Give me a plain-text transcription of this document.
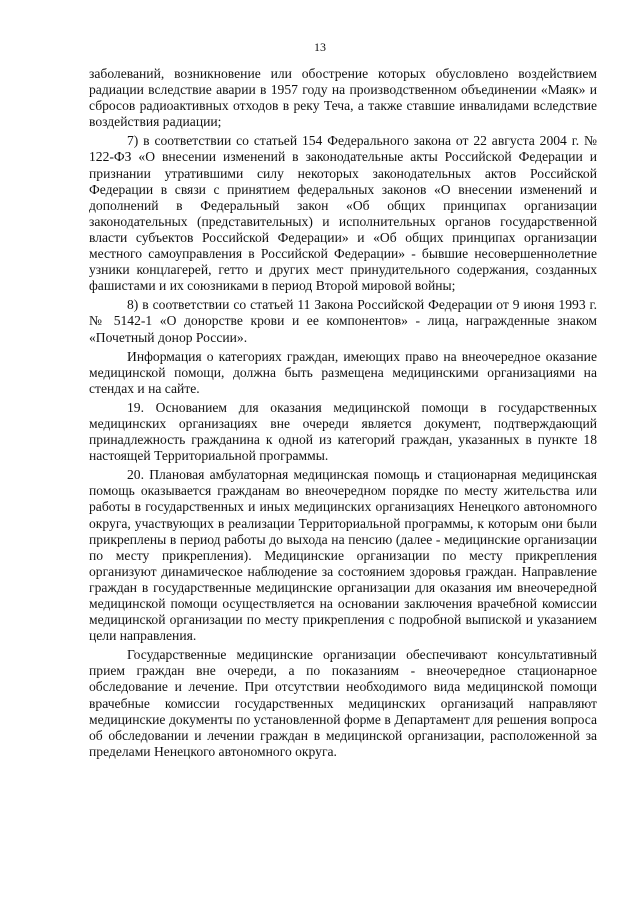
13

заболеваний, возникновение или обострение которых обусловлено воздействием радиации вследствие аварии в 1957 году на производственном объединении «Маяк» и сбросов радиоактивных отходов в реку Теча, а также ставшие инвалидами вследствие воздействия радиации;

7) в соответствии со статьей 154 Федерального закона от 22 августа 2004 г. № 122-ФЗ «О внесении изменений в законодательные акты Российской Федерации и признании утратившими силу некоторых законодательных актов Российской Федерации в связи с принятием федеральных законов «О внесении изменений и дополнений в Федеральный закон «Об общих принципах организации законодательных (представительных) и исполнительных органов государственной власти субъектов Российской Федерации» и «Об общих принципах организации местного самоуправления в Российской Федерации» - бывшие несовершеннолетние узники концлагерей, гетто и других мест принудительного содержания, созданных фашистами и их союзниками в период Второй мировой войны;

8) в соответствии со статьей 11 Закона Российской Федерации от 9 июня 1993 г. № 5142-1 «О донорстве крови и ее компонентов» - лица, награжденные знаком «Почетный донор России».

Информация о категориях граждан, имеющих право на внеочередное оказание медицинской помощи, должна быть размещена медицинскими организациями на стендах и на сайте.

19. Основанием для оказания медицинской помощи в государственных медицинских организациях вне очереди является документ, подтверждающий принадлежность гражданина к одной из категорий граждан, указанных в пункте 18 настоящей Территориальной программы.

20. Плановая амбулаторная медицинская помощь и стационарная медицинская помощь оказывается гражданам во внеочередном порядке по месту жительства или работы в государственных и иных медицинских организациях Ненецкого автономного округа, участвующих в реализации Территориальной программы, к которым они были прикреплены в период работы до выхода на пенсию (далее - медицинские организации по месту прикрепления). Медицинские организации по месту прикрепления организуют динамическое наблюдение за состоянием здоровья граждан. Направление граждан в государственные медицинские организации для оказания им внеочередной медицинской помощи осуществляется на основании заключения врачебной комиссии медицинской организации по месту прикрепления с подробной выпиской и указанием цели направления.

Государственные медицинские организации обеспечивают консультативный прием граждан вне очереди, а по показаниям - внеочередное стационарное обследование и лечение. При отсутствии необходимого вида медицинской помощи врачебные комиссии государственных медицинских организаций направляют медицинские документы по установленной форме в Департамент для решения вопроса об обследовании и лечении граждан в медицинской организации, расположенной за пределами Ненецкого автономного округа.
